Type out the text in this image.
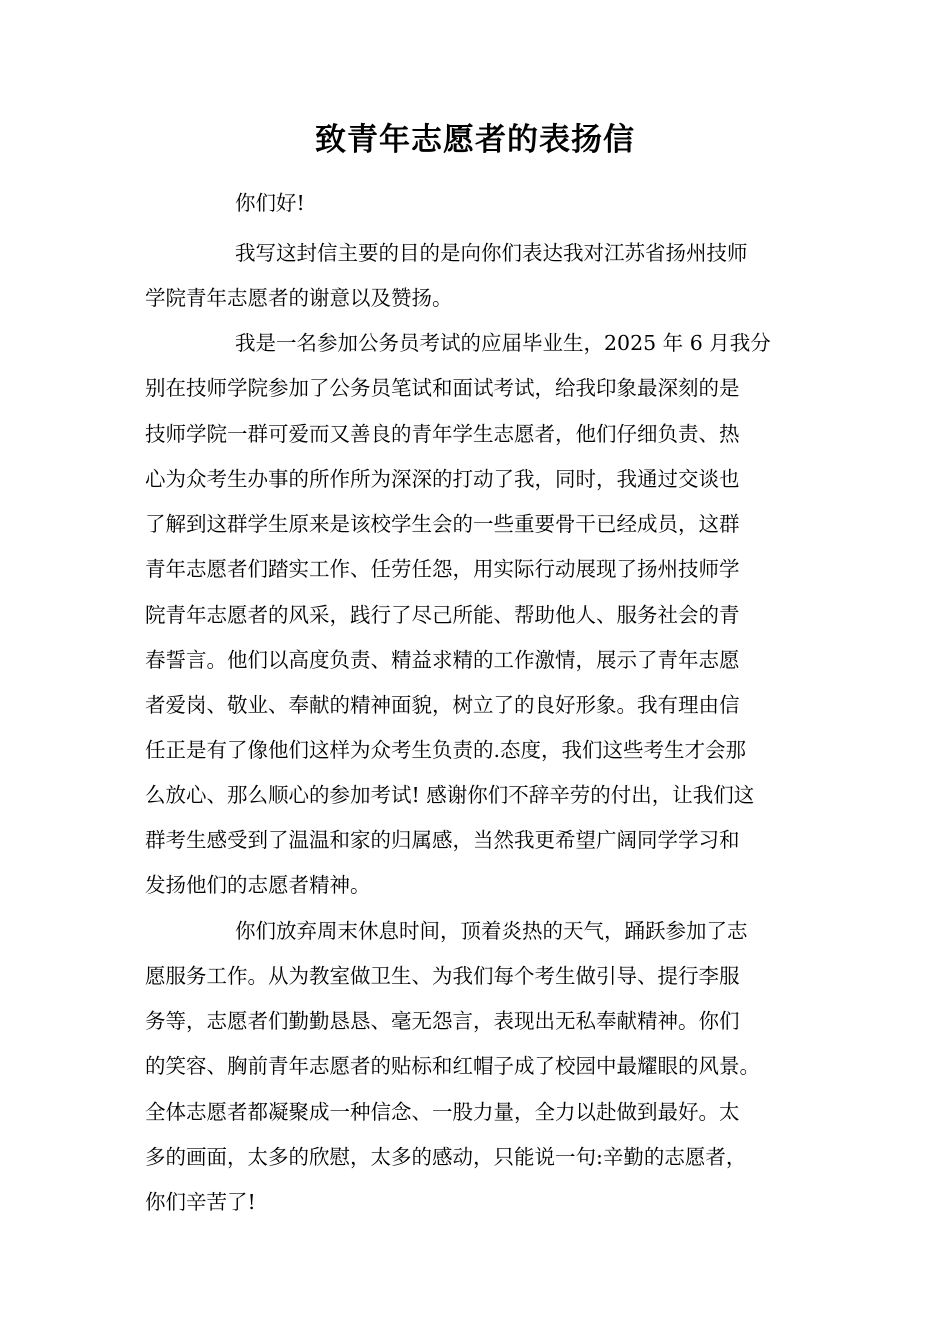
致青年志愿者的表扬信

你们好!

我写这封信主要的目的是向你们表达我对江苏省扬州技师

学院青年志愿者的谢意以及赞扬。

我是一名参加公务员考试的应届毕业生，2025 年 6 月我分

别在技师学院参加了公务员笔试和面试考试，给我印象最深刻的是

技师学院一群可爱而又善良的青年学生志愿者，他们仔细负责、热

心为众考生办事的所作所为深深的打动了我，同时，我通过交谈也

了解到这群学生原来是该校学生会的一些重要骨干已经成员，这群

青年志愿者们踏实工作、任劳任怨，用实际行动展现了扬州技师学

院青年志愿者的风采，践行了尽己所能、帮助他人、服务社会的青

春誓言。他们以高度负责、精益求精的工作激情，展示了青年志愿

者爱岗、敬业、奉献的精神面貌，树立了的良好形象。我有理由信

任正是有了像他们这样为众考生负责的.态度，我们这些考生才会那

么放心、那么顺心的参加考试! 感谢你们不辞辛劳的付出，让我们这

群考生感受到了温温和家的归属感，当然我更希望广阔同学学习和

发扬他们的志愿者精神。

你们放弃周末休息时间，顶着炎热的天气，踊跃参加了志

愿服务工作。从为教室做卫生、为我们每个考生做引导、提行李服

务等，志愿者们勤勤恳恳、毫无怨言，表现出无私奉献精神。你们

的笑容、胸前青年志愿者的贴标和红帽子成了校园中最耀眼的风景。

全体志愿者都凝聚成一种信念、一股力量，全力以赴做到最好。太

多的画面，太多的欣慰，太多的感动，只能说一句:辛勤的志愿者，

你们辛苦了!
